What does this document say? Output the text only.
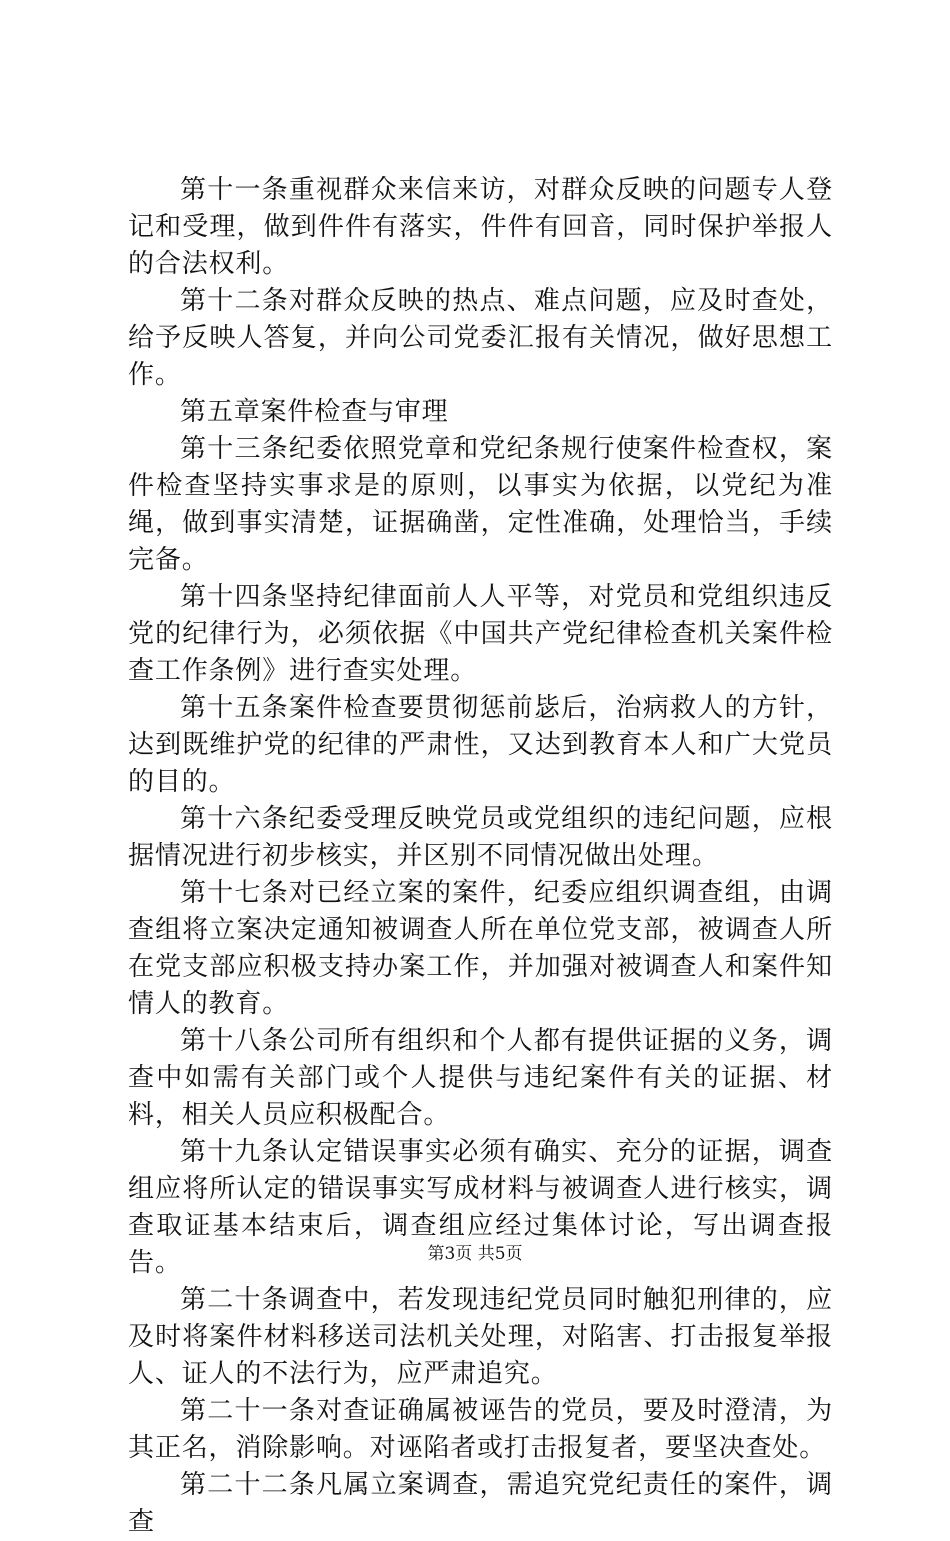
第十一条重视群众来信来访，对群众反映的问题专人登记和受理，做到件件有落实，件件有回音，同时保护举报人的合法权利。

第十二条对群众反映的热点、难点问题，应及时查处，给予反映人答复，并向公司党委汇报有关情况，做好思想工作。

第五章案件检查与审理

第十三条纪委依照党章和党纪条规行使案件检查权，案件检查坚持实事求是的原则，以事实为依据，以党纪为准绳，做到事实清楚，证据确凿，定性准确，处理恰当，手续完备。

第十四条坚持纪律面前人人平等，对党员和党组织违反党的纪律行为，必须依据《中国共产党纪律检查机关案件检查工作条例》进行查实处理。

第十五条案件检查要贯彻惩前毖后，治病救人的方针，达到既维护党的纪律的严肃性，又达到教育本人和广大党员的目的。

第十六条纪委受理反映党员或党组织的违纪问题，应根据情况进行初步核实，并区别不同情况做出处理。

第十七条对已经立案的案件，纪委应组织调查组，由调查组将立案决定通知被调查人所在单位党支部，被调查人所在党支部应积极支持办案工作，并加强对被调查人和案件知情人的教育。

第十八条公司所有组织和个人都有提供证据的义务，调查中如需有关部门或个人提供与违纪案件有关的证据、材料，相关人员应积极配合。

第十九条认定错误事实必须有确实、充分的证据，调查组应将所认定的错误事实写成材料与被调查人进行核实，调查取证基本结束后，调查组应经过集体讨论，写出调查报告。

第二十条调查中，若发现违纪党员同时触犯刑律的，应及时将案件材料移送司法机关处理，对陷害、打击报复举报人、证人的不法行为，应严肃追究。

第二十一条对查证确属被诬告的党员，要及时澄清，为其正名，消除影响。对诬陷者或打击报复者，要坚决查处。

第二十二条凡属立案调查，需追究党纪责任的案件，调查

第3页 共5页
